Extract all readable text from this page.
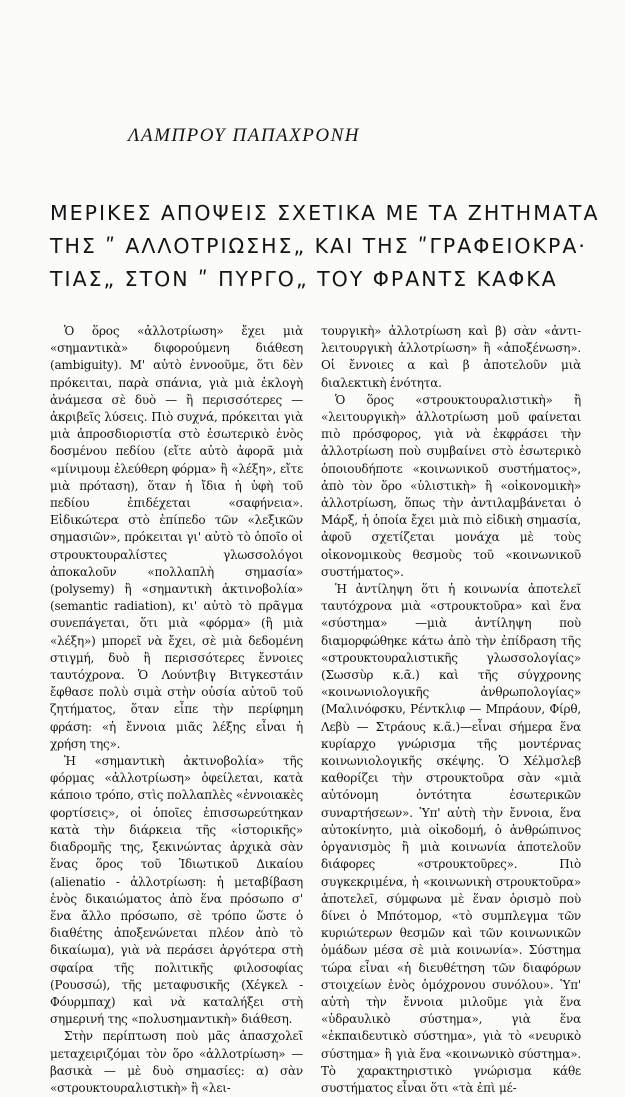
ΛΑΜΠΡΟΥ ΠΑΠΑΧΡΟΝΗ
ΜΕΡΙΚΕΣ ΑΠΟΨΕΙΣ ΣΧΕΤΙΚΑ ΜΕ ΤΑ ΖΗΤΗΜΑΤΑ
ΤΗΣ ʺ ΑΛΛΟΤΡΙΩΣΗΣ„ ΚΑΙ ΤΗΣ ʺΓΡΑΦΕΙΟΚΡΑ·
ΤΙΑΣ„ ΣΤΟΝ ʺ ΠΥΡΓΟ„ ΤΟΥ ΦΡΑΝΤΣ ΚΑΦΚΑ

Ὁ ὅρος «ἀλλοτρίωση» ἔχει μιὰ «σημαντικὰ» διφορούμενη διάθεση (ambiguity). Μ' αὐτὸ ἐννοοῦμε, ὅτι δὲν πρόκειται, παρὰ σπάνια, γιὰ μιὰ ἐκλογὴ ἀνάμεσα σὲ δυὸ — ἢ περισσότερες — ἀκριβεῖς λύσεις. Πιὸ συχνά, πρόκειται γιὰ μιὰ ἀπροσδιοριστία στὸ ἐσωτερικὸ ἑνὸς δοσμένου πεδίου (εἴτε αὐτὸ ἀφορᾶ μιὰ «μίνιμουμ ἐλεύθερη φόρμα» ἢ «λέξη», εἴτε μιὰ πρόταση), ὅταν ἡ ἴδια ἡ ὑφὴ τοῦ πεδίου ἐπιδέχεται «σαφήνεια». Εἰδικώτερα στὸ ἐπίπεδο τῶν «λεξικῶν σημασιῶν», πρόκειται γι' αὐτὸ τὸ ὁποῖο οἱ στρουκτουραλίστες γλωσσολόγοι ἀποκαλοῦν «πολλαπλὴ σημασία» (polysemy) ἢ «σημαντικὴ ἀκτινοβολία» (semantic radiation), κι' αὐτὸ τὸ πρᾶγμα συνεπάγεται, ὅτι μιὰ «φόρμα» (ἢ μιὰ «λέξη») μπορεῖ νὰ ἔχει, σὲ μιὰ δεδομένη στιγμή, δυὸ ἢ περισσότερες ἔννοιες ταυτόχρονα. Ὁ Λούντβιγ Βιτγκεστάιν ἔφθασε πολὺ σιμὰ στὴν οὐσία αὐτοῦ τοῦ ζητήματος, ὅταν εἶπε τὴν περίφημη φράση: «ἡ ἔννοια μιᾶς λέξης εἶναι ἡ χρήση της».

Ἡ «σημαντικὴ ἀκτινοβολία» τῆς φόρμας «ἀλλοτρίωση» ὀφείλεται, κατὰ κάποιο τρόπο, στὶς πολλαπλὲς «ἐννοιακὲς φορτίσεις», οἱ ὁποῖες ἐπισσωρεύτηκαν κατὰ τὴν διάρκεια τῆς «ἱστορικῆς» διαδρομῆς της, ξεκινώντας ἀρχικὰ σὰν ἕνας ὅρος τοῦ Ἰδιωτικοῦ Δικαίου (alienatio - ἀλλοτρίωση: ἡ μεταβίβαση ἑνὸς δικαιώματος ἀπὸ ἕνα πρόσωπο σ' ἕνα ἄλλο πρόσωπο, σὲ τρόπο ὥστε ὁ διαθέτης ἀποξενώνεται πλέον ἀπὸ τὸ δικαίωμα), γιὰ νὰ περάσει ἀργότερα στὴ σφαίρα τῆς πολιτικῆς φιλοσοφίας (Ρουσσώ), τῆς μεταφυσικῆς (Χέγκελ - Φόυρμπαχ) καὶ νὰ καταλήξει στὴ σημερινή της «πολυσημαντικὴ» διάθεση.

Στὴν περίπτωση ποὺ μᾶς ἀπασχολεῖ μεταχειριζόμαι τὸν ὅρο «ἀλλοτρίωση» — βασικὰ — μὲ δυὸ σημασίες: α) σὰν «στρουκτουραλιστικὴ» ἢ «λει-

τουργικὴ» ἀλλοτρίωση καὶ β) σὰν «ἀντι-λειτουργικὴ ἀλλοτρίωση» ἢ «ἀποξένωση». Οἱ ἔννοιες α καὶ β ἀποτελοῦν μιὰ διαλεκτικὴ ἑνότητα.

Ὁ ὅρος «στρουκτουραλιστικὴ» ἢ «λειτουργικὴ» ἀλλοτρίωση μοῦ φαίνεται πιὸ πρόσφορος, γιὰ νὰ ἐκφράσει τὴν ἀλλοτρίωση ποὺ συμβαίνει στὸ ἐσωτερικὸ ὁποιουδήποτε «κοινωνικοῦ συστήματος», ἀπὸ τὸν ὅρο «ὑλιστικὴ» ἢ «οἰκονομικὴ» ἀλλοτρίωση, ὅπως τὴν ἀντιλαμβάνεται ὁ Μάρξ, ἡ ὁποία ἔχει μιὰ πιὸ εἰδικὴ σημασία, ἀφοῦ σχετίζεται μονάχα μὲ τοὺς οἰκονομικοὺς θεσμοὺς τοῦ «κοινωνικοῦ συστήματος».

Ἡ ἀντίληψη ὅτι ἡ κοινωνία ἀποτελεῖ ταυτόχρονα μιὰ «στρουκτοῦρα» καὶ ἕνα «σύστημα» —μιὰ ἀντίληψη ποὺ διαμορφώθηκε κάτω ἀπὸ τὴν ἐπίδραση τῆς «στρουκτουραλιστικῆς γλωσσολογίας» (Σωσσὺρ κ.ᾶ.) καὶ τῆς σύγχρονης «κοινωνιολογικῆς ἀνθρωπολογίας» (Μαλινόφσκυ, Ρέντκλιφ — Μπράουν, Φίρθ, Λεβὺ — Στράους κ.ᾶ.)—εἶναι σήμερα ἕνα κυρίαρχο γνώρισμα τῆς μοντέρνας κοινωνιολογικῆς σκέψης. Ὁ Χέλμσλεβ καθορίζει τὴν στρουκτοῦρα σὰν «μιὰ αὐτόνομη ὀντότητα ἐσωτερικῶν συναρτήσεων». Ὑπ' αὐτὴ τὴν ἔννοια, ἕνα αὐτοκίνητο, μιὰ οἰκοδομή, ὁ ἀνθρώπινος ὀργανισμὸς ἢ μιὰ κοινωνία ἀποτελοῦν διάφορες «στρουκτοῦρες». Πιὸ συγκεκριμένα, ἡ «κοινωνικὴ στρουκτοῦρα» ἀποτελεῖ, σύμφωνα μὲ ἕναν ὁρισμὸ ποὺ δίνει ὁ Μπότομορ, «τὸ συμπλεγμα τῶν κυριώτερων θεσμῶν καὶ τῶν κοινωνικῶν ὁμάδων μέσα σὲ μιὰ κοινωνία». Σύστημα τώρα εἶναι «ἡ διευθέτηση τῶν διαφόρων στοιχείων ἑνὸς ὁμόχρονου συνόλου». Ὑπ' αὐτὴ τὴν ἔννοια μιλοῦμε γιὰ ἕνα «ὑδραυλικὸ σύστημα», γιὰ ἕνα «ἐκπαιδευτικὸ σύστημα», γιὰ τὸ «νευρικὸ σύστημα» ἢ γιὰ ἕνα «κοινωνικὸ σύστημα». Τὸ χαρακτηριστικὸ γνώρισμα κάθε συστήματος εἶναι ὅτι «τὰ ἐπὶ μέ-
